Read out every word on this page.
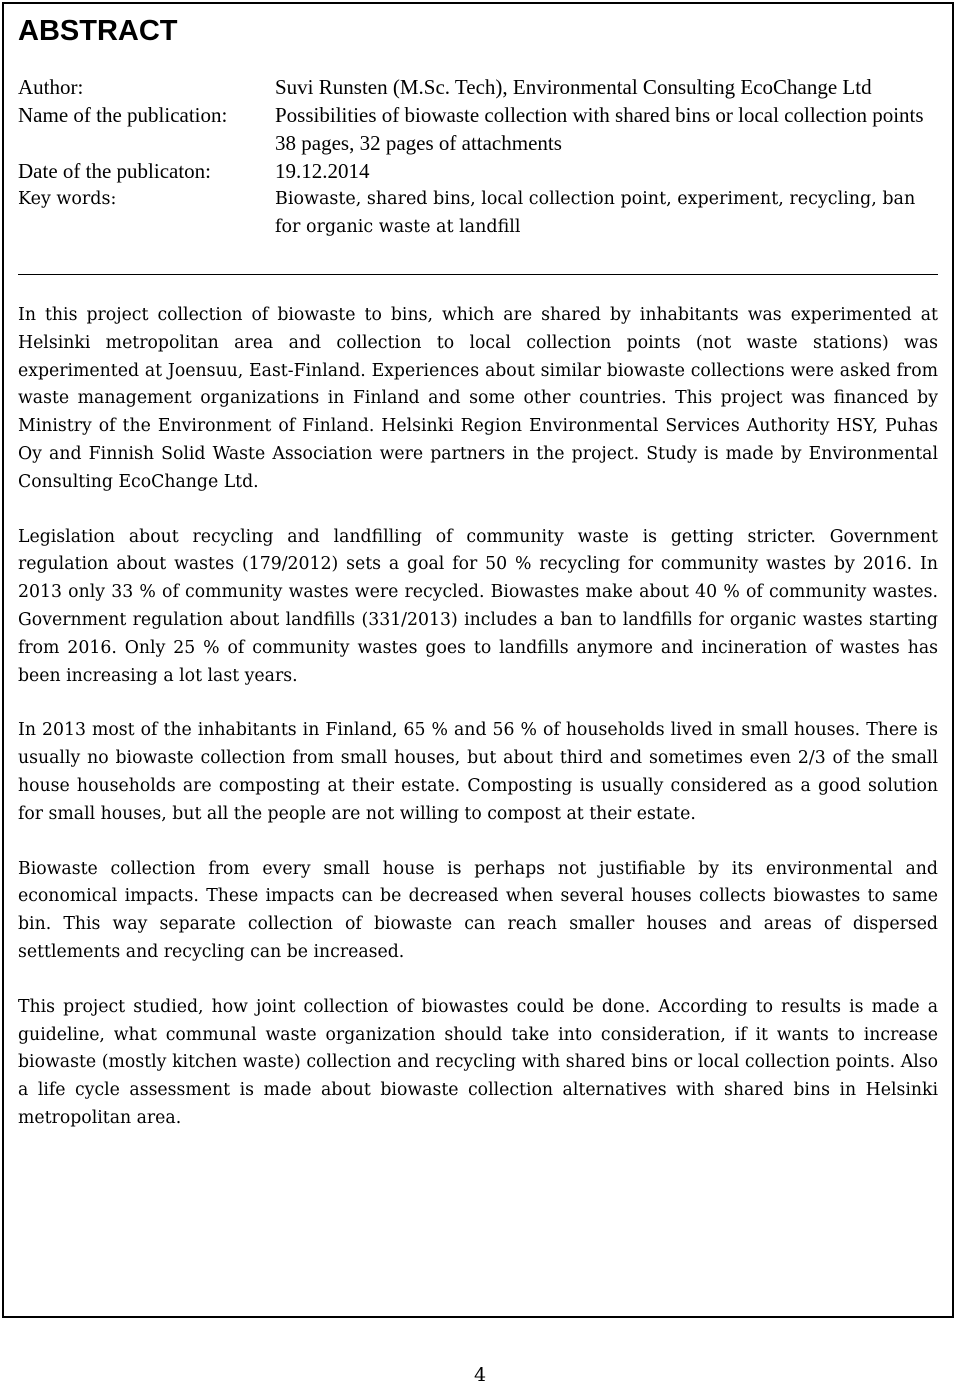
ABSTRACT
Author:	Suvi Runsten (M.Sc. Tech), Environmental Consulting EcoChange Ltd
Name of the publication:	Possibilities of biowaste collection with shared bins or local collection points
38 pages, 32 pages of attachments
Date of the publicaton:	19.12.2014
Key words:	Biowaste, shared bins, local collection point, experiment, recycling, ban for organic waste at landfill

In this project collection of biowaste to bins, which are shared by inhabitants was experimented at Helsinki metropolitan area and collection to local collection points (not waste stations) was experimented at Joensuu, East-Finland. Experiences about similar biowaste collections were asked from waste management organizations in Finland and some other countries. This project was financed by Ministry of the Environment of Finland. Helsinki Region Environmental Services Authority HSY, Puhas Oy and Finnish Solid Waste Association were partners in the project. Study is made by Environmental Consulting EcoChange Ltd.

Legislation about recycling and landfilling of community waste is getting stricter. Government regulation about wastes (179/2012) sets a goal for 50 % recycling for community wastes by 2016. In 2013 only 33 % of community wastes were recycled. Biowastes make about 40 % of community wastes. Government regulation about landfills (331/2013) includes a ban to landfills for organic wastes starting from 2016. Only 25 % of community wastes goes to landfills anymore and incineration of wastes has been increasing a lot last years.

In 2013 most of the inhabitants in Finland, 65 % and 56 % of households lived in small houses. There is usually no biowaste collection from small houses, but about third and sometimes even 2/3 of the small house households are composting at their estate. Composting is usually considered as a good solution for small houses, but all the people are not willing to compost at their estate.

Biowaste collection from every small house is perhaps not justifiable by its environmental and economical impacts. These impacts can be decreased when several houses collects biowastes to same bin. This way separate collection of biowaste can reach smaller houses and areas of dispersed settlements and recycling can be increased.

This project studied, how joint collection of biowastes could be done. According to results is made a guideline, what communal waste organization should take into consideration, if it wants to increase biowaste (mostly kitchen waste) collection and recycling with shared bins or local collection points. Also a life cycle assessment is made about biowaste collection alternatives with shared bins in Helsinki metropolitan area.

4
